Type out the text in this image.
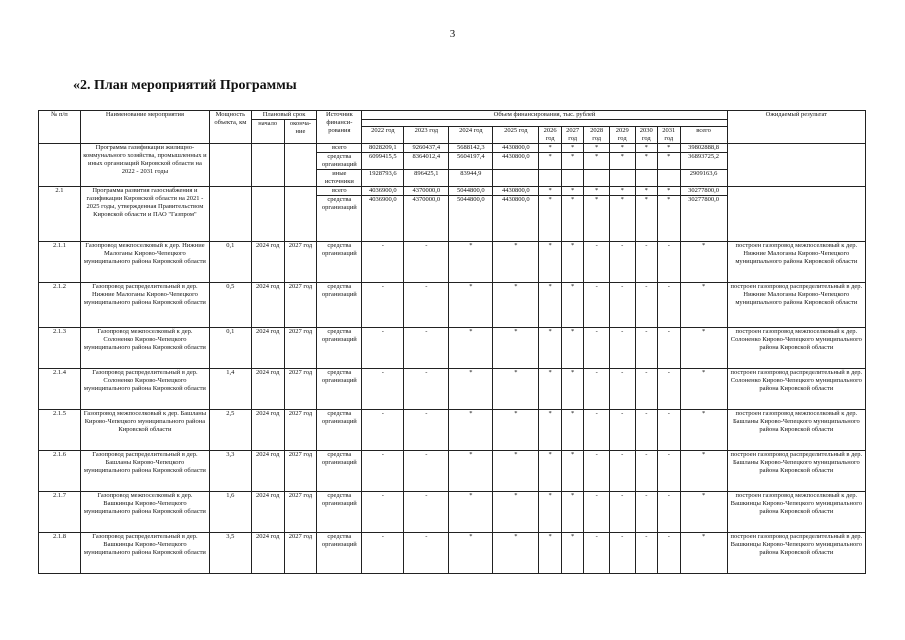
3
«2. План мероприятий Программы
№ п/п	Наименование мероприятия	Мощность объекта, км	Плановый срок		Источник финанси-рования	Объем финансирования, тыс. рублей											Ожидаемый результат
			начало	оконча-ние													
						2022 год	2023 год	2024 год	2025 год	2026 год	2027 год	2028 год	2029 год	2030 год	2031 год	всего	
	Программа газификации жилищно-коммунального хозяйства, промышленных и иных организаций Кировской области на 2022 - 2031 годы				всего	8028209,1	9260437,4	5688142,3	4430800,0	*	*	*	*	*	*	39802888,8	
					средства организаций	6099415,5	8364012,4	5604197,4	4430800,0	*	*	*	*	*	*	36893725,2	
					иные источники	1928793,6	896425,1	83944,9								2909163,6	
2.1	Программа развития газоснабжения и газификации Кировской области на 2021 - 2025 годы, утвержденная Правительством Кировской области и ПАО "Газпром"				всего	4036900,0	4370000,0	5044800,0	4430800,0	*	*	*	*	*	*	30277800,0	
					средства организаций	4036900,0	4370000,0	5044800,0	4430800,0	*	*	*	*	*	*	30277800,0	
2.1.1	Газопровод межпоселковый к дер. Нижние Малоганы Кирово-Чепецкого муниципального района Кировской области	0,1	2024 год	2027 год	средства организаций	-	-	*	*	*	*	-	-	-	-	*	построен газопровод межпоселковый к дер. Нижние Малоганы Кирово-Чепецкого муниципального района Кировской области
2.1.2	Газопровод распределительный в дер. Нижние Малоганы Кирово-Чепецкого муниципального района Кировской области	0,5	2024 год	2027 год	средства организаций	-	-	*	*	*	*	-	-	-	-	*	построен газопровод распределительный в дер. Нижние Малоганы Кирово-Чепецкого муниципального района Кировской области
2.1.3	Газопровод межпоселковый к дер. Солоненко Кирово-Чепецкого муниципального района Кировской области	0,1	2024 год	2027 год	средства организаций	-	-	*	*	*	*	-	-	-	-	*	построен газопровод межпоселковый к дер. Солоненко Кирово-Чепецкого муниципального района Кировской области
2.1.4	Газопровод распределительный в дер. Солоненко Кирово-Чепецкого муниципального района Кировской области	1,4	2024 год	2027 год	средства организаций	-	-	*	*	*	*	-	-	-	-	*	построен газопровод распределительный в дер. Солоненко Кирово-Чепецкого муниципального района Кировской области
2.1.5	Газопровод межпоселковый к дер. Башланы Кирово-Чепецкого муниципального района Кировской области	2,5	2024 год	2027 год	средства организаций	-	-	*	*	*	*	-	-	-	-	*	построен газопровод межпоселковый к дер. Башланы Кирово-Чепецкого муниципального района Кировской области
2.1.6	Газопровод распределительный в дер. Башланы Кирово-Чепецкого муниципального района Кировской области	3,3	2024 год	2027 год	средства организаций	-	-	*	*	*	*	-	-	-	-	*	построен газопровод распределительный в дер. Башланы Кирово-Чепецкого муниципального района Кировской области
2.1.7	Газопровод межпоселковый к дер. Вашкинцы Кирово-Чепецкого муниципального района Кировской области	1,6	2024 год	2027 год	средства организаций	-	-	*	*	*	*	-	-	-	-	*	построен газопровод межпоселковый к дер. Вашкинцы Кирово-Чепецкого муниципального района Кировской области
2.1.8	Газопровод распределительный в дер. Вашкинцы Кирово-Чепецкого муниципального района Кировской области	3,5	2024 год	2027 год	средства организаций	-	-	*	*	*	*	-	-	-	-	*	построен газопровод распределительный в дер. Вашкинцы Кирово-Чепецкого муниципального района Кировской области
